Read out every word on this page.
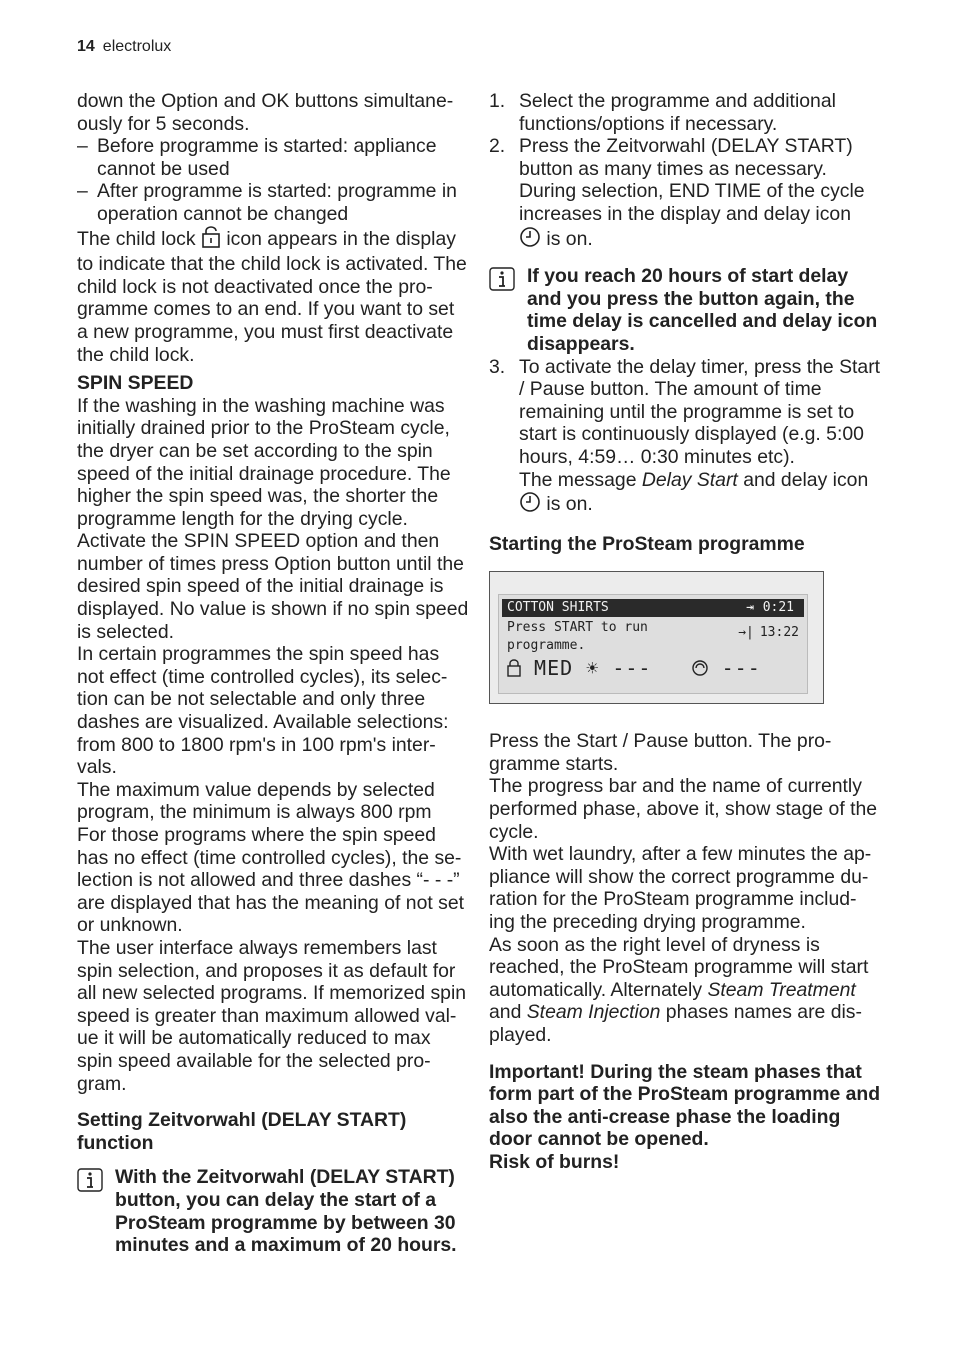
14 electrolux

down the Option and OK buttons simultane-ously for 5 seconds.

– Before programme is started: appliance cannot be used
– After programme is started: programme in operation cannot be changed

The child lock icon appears in the display to indicate that the child lock is activated. The child lock is not deactivated once the pro-gramme comes to an end. If you want to set a new programme, you must first deactivate the child lock.

SPIN SPEED

If the washing in the washing machine was initially drained prior to the ProSteam cycle, the dryer can be set according to the spin speed of the initial drainage procedure. The higher the spin speed was, the shorter the programme length for the drying cycle. Activate the SPIN SPEED option and then number of times press Option button until the desired spin speed of the initial drainage is displayed. No value is shown if no spin speed is selected.

In certain programmes the spin speed has not effect (time controlled cycles), its selec-tion can be not selectable and only three dashes are visualized. Available selections: from 800 to 1800 rpm's in 100 rpm's inter-vals.

The maximum value depends by selected program, the minimum is always 800 rpm

For those programs where the spin speed has no effect (time controlled cycles), the se-lection is not allowed and three dashes “- - -” are displayed that has the meaning of not set or unknown.

The user interface always remembers last spin selection, and proposes it as default for all new selected programs. If memorized spin speed is greater than maximum allowed val-ue it will be automatically reduced to max spin speed available for the selected pro-gram.

Setting Zeitvorwahl (DELAY START) function

With the Zeitvorwahl (DELAY START) button, you can delay the start of a ProSteam programme by between 30 minutes and a maximum of 20 hours.
1. Select the programme and additional functions/options if necessary.
2. Press the Zeitvorwahl (DELAY START) button as many times as necessary. During selection, END TIME of the cycle increases in the display and delay icon
is on.
If you reach 20 hours of start delay and you press the button again, the time delay is cancelled and delay icon disappears.
3. To activate the delay timer, press the Start / Pause button. The amount of time remaining until the programme is set to start is continuously displayed (e.g. 5:00 hours, 4:59… 0:30 minutes etc).
The message Delay Start and delay icon
is on.

Starting the ProSteam programme

COTTON SHIRTS	⇥ 0:21
Press START to run
programme.
→| 13:22
MED ☀ ---	---

Press the Start / Pause button. The pro-gramme starts.

The progress bar and the name of currently performed phase, above it, show stage of the cycle.

With wet laundry, after a few minutes the ap-pliance will show the correct programme du-ration for the ProSteam programme includ-ing the preceding drying programme.

As soon as the right level of dryness is reached, the ProSteam programme will start automatically. Alternately Steam Treatment and Steam Injection phases names are dis-played.

Important! During the steam phases that form part of the ProSteam programme and also the anti-crease phase the loading door cannot be opened.

Risk of burns!
